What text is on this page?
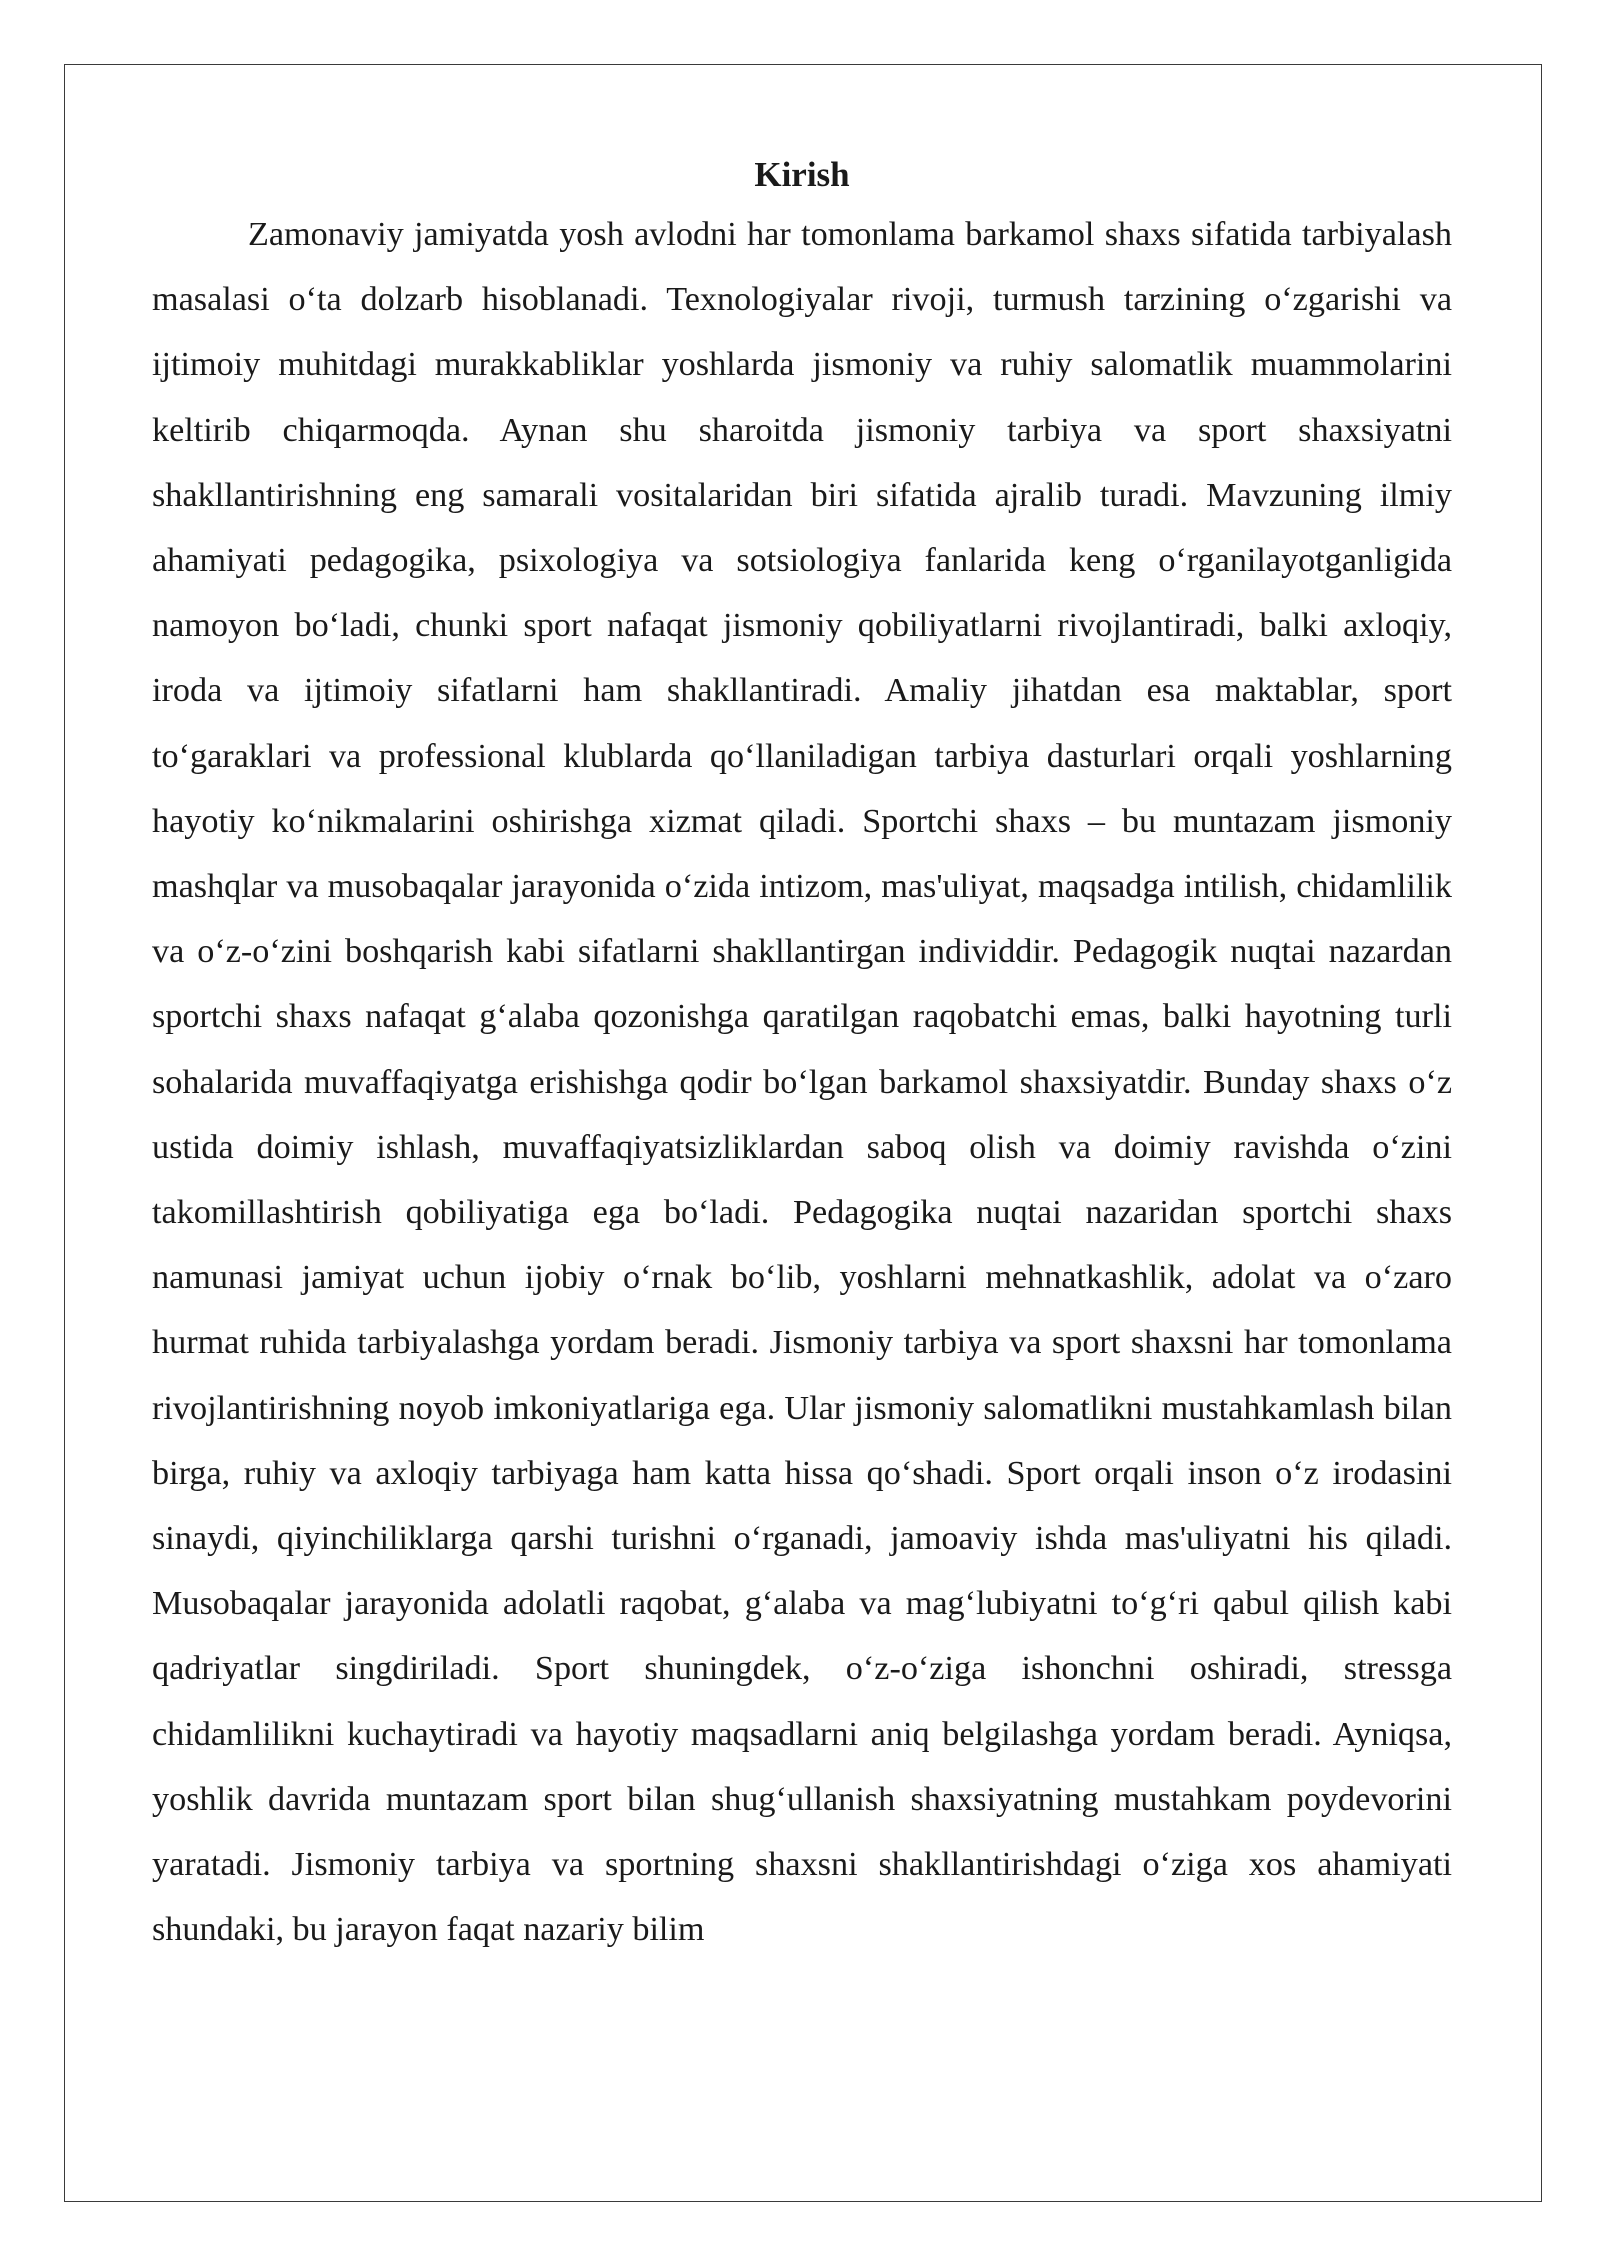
Kirish

Zamonaviy jamiyatda yosh avlodni har tomonlama barkamol shaxs sifatida tarbiyalash masalasi oʻta dolzarb hisoblanadi. Texnologiyalar rivoji, turmush tarzining oʻzgarishi va ijtimoiy muhitdagi murakkabliklar yoshlarda jismoniy va ruhiy salomatlik muammolarini keltirib chiqarmoqda. Aynan shu sharoitda jismoniy tarbiya va sport shaxsiyatni shakllantirishning eng samarali vositalaridan biri sifatida ajralib turadi. Mavzuning ilmiy ahamiyati pedagogika, psixologiya va sotsiologiya fanlarida keng oʻrganilayotganligida namoyon boʻladi, chunki sport nafaqat jismoniy qobiliyatlarni rivojlantiradi, balki axloqiy, iroda va ijtimoiy sifatlarni ham shakllantiradi. Amaliy jihatdan esa maktablar, sport toʻgaraklari va professional klublarda qoʻllaniladigan tarbiya dasturlari orqali yoshlarning hayotiy koʻnikmalarini oshirishga xizmat qiladi. Sportchi shaxs – bu muntazam jismoniy mashqlar va musobaqalar jarayonida oʻzida intizom, mas'uliyat, maqsadga intilish, chidamlilik va oʻz-oʻzini boshqarish kabi sifatlarni shakllantirgan individdir. Pedagogik nuqtai nazardan sportchi shaxs nafaqat gʻalaba qozonishga qaratilgan raqobatchi emas, balki hayotning turli sohalarida muvaffaqiyatga erishishga qodir boʻlgan barkamol shaxsiyatdir. Bunday shaxs oʻz ustida doimiy ishlash, muvaffaqiyatsizliklardan saboq olish va doimiy ravishda oʻzini takomillashtirish qobiliyatiga ega boʻladi. Pedagogika nuqtai nazaridan sportchi shaxs namunasi jamiyat uchun ijobiy oʻrnak boʻlib, yoshlarni mehnatkashlik, adolat va oʻzaro hurmat ruhida tarbiyalashga yordam beradi. Jismoniy tarbiya va sport shaxsni har tomonlama rivojlantirishning noyob imkoniyatlariga ega. Ular jismoniy salomatlikni mustahkamlash bilan birga, ruhiy va axloqiy tarbiyaga ham katta hissa qoʻshadi. Sport orqali inson oʻz irodasini sinaydi, qiyinchiliklarga qarshi turishni oʻrganadi, jamoaviy ishda mas'uliyatni his qiladi. Musobaqalar jarayonida adolatli raqobat, gʻalaba va magʻlubiyatni toʻgʻri qabul qilish kabi qadriyatlar singdiriladi. Sport shuningdek, oʻz-oʻziga ishonchni oshiradi, stressga chidamlilikni kuchaytiradi va hayotiy maqsadlarni aniq belgilashga yordam beradi. Ayniqsa, yoshlik davrida muntazam sport bilan shugʻullanish shaxsiyatning mustahkam poydevorini yaratadi. Jismoniy tarbiya va sportning shaxsni shakllantirishdagi oʻziga xos ahamiyati shundaki, bu jarayon faqat nazariy bilim
